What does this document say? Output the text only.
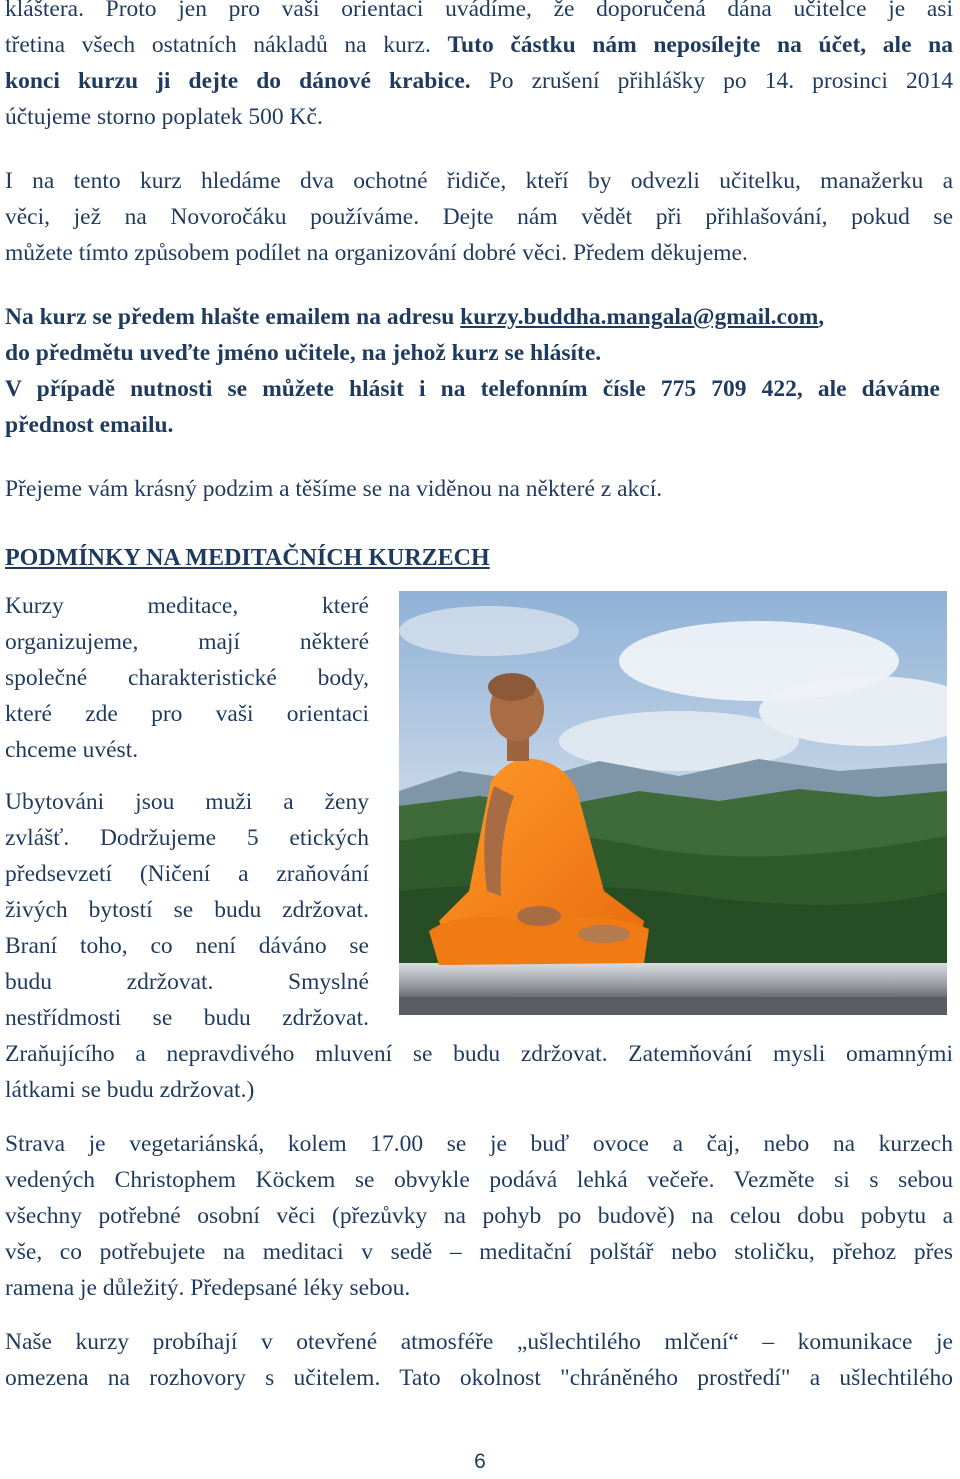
kláštera. Proto jen pro vaši orientaci uvádíme, že doporučená dána učitelce je asi
třetina všech ostatních nákladů na kurz. Tuto částku nám neposílejte na účet, ale na
konci kurzu ji dejte do dánové krabice. Po zrušení přihlášky po 14. prosinci 2014
účtujeme storno poplatek 500 Kč.
I na tento kurz hledáme dva ochotné řidiče, kteří by odvezli učitelku, manažerku a
věci, jež na Novoročáku používáme. Dejte nám vědět při přihlašování, pokud se
můžete tímto způsobem podílet na organizování dobré věci. Předem děkujeme.
Na kurz se předem hlašte emailem na adresu kurzy.buddha.mangala@gmail.com,
do předmětu uveďte jméno učitele, na jehož kurz se hlásíte.
V případě nutnosti se můžete hlásit i na telefonním čísle 775 709 422, ale dáváme
přednost emailu.
Přejeme vám krásný podzim a těšíme se na viděnou na některé z akcí.
PODMÍNKY NA MEDITAČNÍCH KURZECH
Kurzy meditace, které
organizujeme, mají některé
společné charakteristické body,
které zde pro vaši orientaci
chceme uvést.
Ubytováni jsou muži a ženy
zvlášť. Dodržujeme 5 etických
předsevzetí (Ničení a zraňování
živých bytostí se budu zdržovat.
Braní toho, co není dáváno se
budu zdržovat. Smyslné
nestřídmosti se budu zdržovat.
Zraňujícího a nepravdivého mluvení se budu zdržovat. Zatemňování mysli omamnými
látkami se budu zdržovat.)
Strava je vegetariánská, kolem 17.00 se je buď ovoce a čaj, nebo na kurzech
vedených Christophem Köckem se obvykle podává lehká večeře. Vezměte si s sebou
všechny potřebné osobní věci (přezůvky na pohyb po budově) na celou dobu pobytu a
vše, co potřebujete na meditaci v sedě – meditační polštář nebo stoličku, přehoz přes
ramena je důležitý. Předepsané léky sebou.
Naše kurzy probíhají v otevřené atmosféře „ušlechtilého mlčení“ – komunikace je
omezena na rozhovory s učitelem. Tato okolnost "chráněného prostředí" a ušlechtilého
6
